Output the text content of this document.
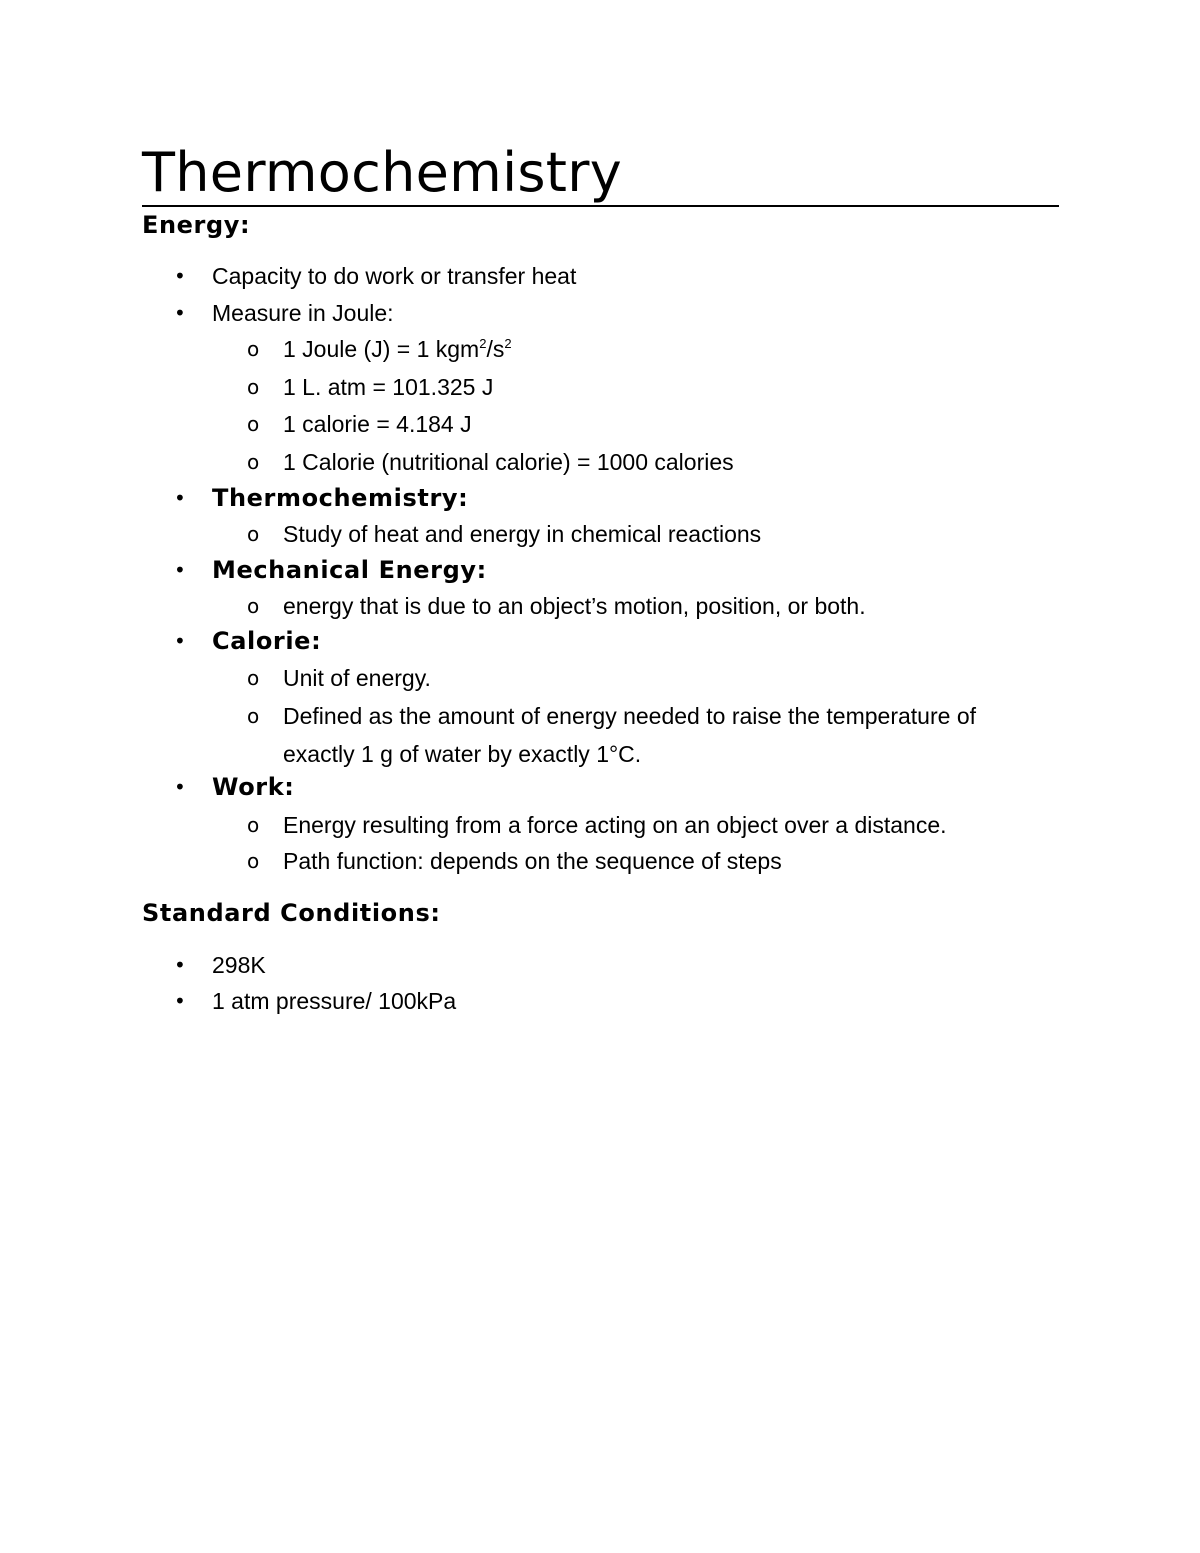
Thermochemistry
Energy:
• Capacity to do work or transfer heat
• Measure in Joule:
o 1 Joule (J) = 1 $kgm^2/s^2$
o 1 L. atm = 101.325 J
o 1 calorie = 4.184 J
o 1 Calorie (nutritional calorie) = 1000 calories
• Thermochemistry:
o Study of heat and energy in chemical reactions
• Mechanical Energy:
o energy that is due to an object’s motion, position, or both.
• Calorie:
o Unit of energy.
o Defined as the amount of energy needed to raise the temperature of
exactly 1 g of water by exactly 1°C.
• Work:
o Energy resulting from a force acting on an object over a distance.
o Path function: depends on the sequence of steps
Standard Conditions:
• 298K
• 1 atm pressure/ 100kPa
